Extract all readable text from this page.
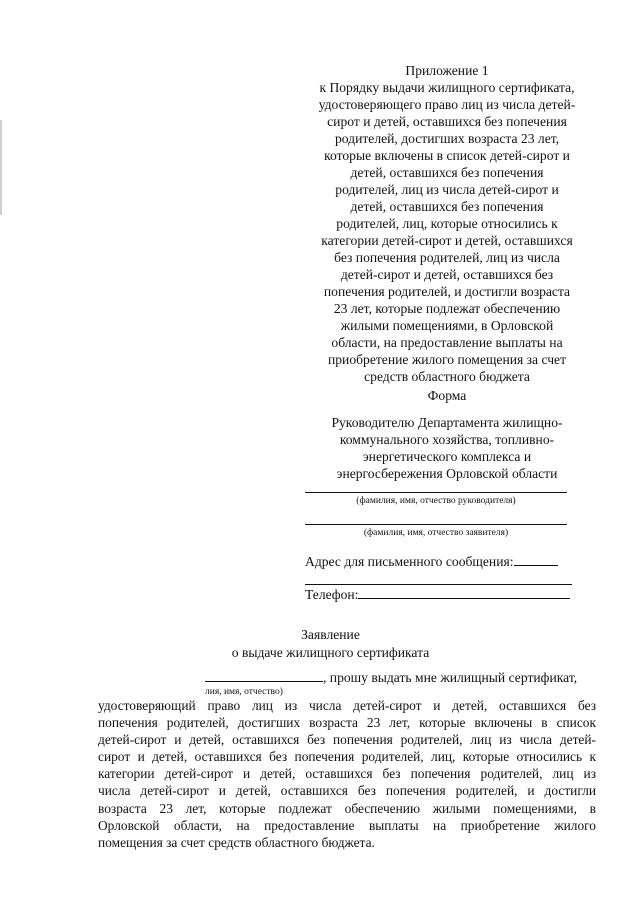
Приложение 1
к Порядку выдачи жилищного сертификата,
удостоверяющего право лиц из числа детей-
сирот и детей, оставшихся без попечения
родителей, достигших возраста 23 лет,
которые включены в список детей-сирот и
детей, оставшихся без попечения
родителей, лиц из числа детей-сирот и
детей, оставшихся без попечения
родителей, лиц, которые относились к
категории детей-сирот и детей, оставшихся
без попечения родителей, лиц из числа
детей-сирот и детей, оставшихся без
попечения родителей, и достигли возраста
23 лет, которые подлежат обеспечению
жилыми помещениями, в Орловской
области, на предоставление выплаты на
приобретение жилого помещения за счет
средств областного бюджета
Форма
Руководителю Департамента жилищно-
коммунального хозяйства, топливно-
энергетического комплекса и
энергосбережения Орловской области
(фамилия, имя, отчество руководителя)
(фамилия, имя, отчество заявителя)
Адрес для письменного сообщения:
Телефон:
Заявление
о выдаче жилищного сертификата
, прошу выдать мне жилищный сертификат,
лия, имя, отчество)
удостоверяющий право лиц из числа детей-сирот и детей, оставшихся без
попечения родителей, достигших возраста 23 лет, которые включены в список
детей-сирот и детей, оставшихся без попечения родителей, лиц из числа детей-
сирот и детей, оставшихся без попечения родителей, лиц, которые относились к
категории детей-сирот и детей, оставшихся без попечения родителей, лиц из
числа детей-сирот и детей, оставшихся без попечения родителей, и достигли
возраста 23 лет, которые подлежат обеспечению жилыми помещениями, в
Орловской области, на предоставление выплаты на приобретение жилого
помещения за счет средств областного бюджета.
